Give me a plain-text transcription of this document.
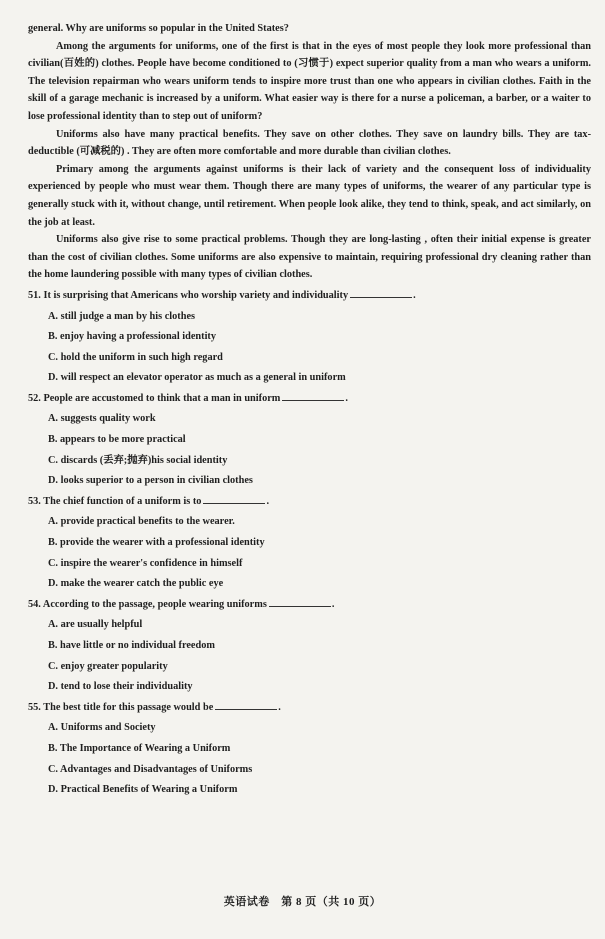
general. Why are uniforms so popular in the United States?

Among the arguments for uniforms, one of the first is that in the eyes of most people they look more professional than civilian(百姓的) clothes. People have become conditioned to (习惯于) expect superior quality from a man who wears a uniform. The television repairman who wears uniform tends to inspire more trust than one who appears in civilian clothes. Faith in the skill of a garage mechanic is increased by a uniform. What easier way is there for a nurse a policeman, a barber, or a waiter to lose professional identity than to step out of uniform?

Uniforms also have many practical benefits. They save on other clothes. They save on laundry bills. They are tax-deductible (可减税的) . They are often more comfortable and more durable than civilian clothes.

Primary among the arguments against uniforms is their lack of variety and the consequent loss of individuality experienced by people who must wear them. Though there are many types of uniforms, the wearer of any particular type is generally stuck with it, without change, until retirement. When people look alike, they tend to think, speak, and act similarly, on the job at least.

Uniforms also give rise to some practical problems. Though they are long-lasting , often their initial expense is greater than the cost of civilian clothes. Some uniforms are also expensive to maintain, requiring professional dry cleaning rather than the home laundering possible with many types of civilian clothes.

51. It is surprising that Americans who worship variety and individuality	.
A. still judge a man by his clothes
B. enjoy having a professional identity
C. hold the uniform in such high regard
D. will respect an elevator operator as much as a general in uniform
52. People are accustomed to think that a man in uniform	.
A. suggests quality work
B. appears to be more practical
C. discards (丢弃;抛弃)his social identity
D. looks superior to a person in civilian clothes
53. The chief function of a uniform is to	.
A. provide practical benefits to the wearer.
B. provide the wearer with a professional identity
C. inspire the wearer's confidence in himself
D. make the wearer catch the public eye
54. According to the passage, people wearing uniforms	.
A. are usually helpful
B. have little or no individual freedom
C. enjoy greater popularity
D. tend to lose their individuality
55. The best title for this passage would be	.
A. Uniforms and Society
B. The Importance of Wearing a Uniform
C. Advantages and Disadvantages of Uniforms
D. Practical Benefits of Wearing a Uniform
英语试卷　第 8 页（共 10 页）
